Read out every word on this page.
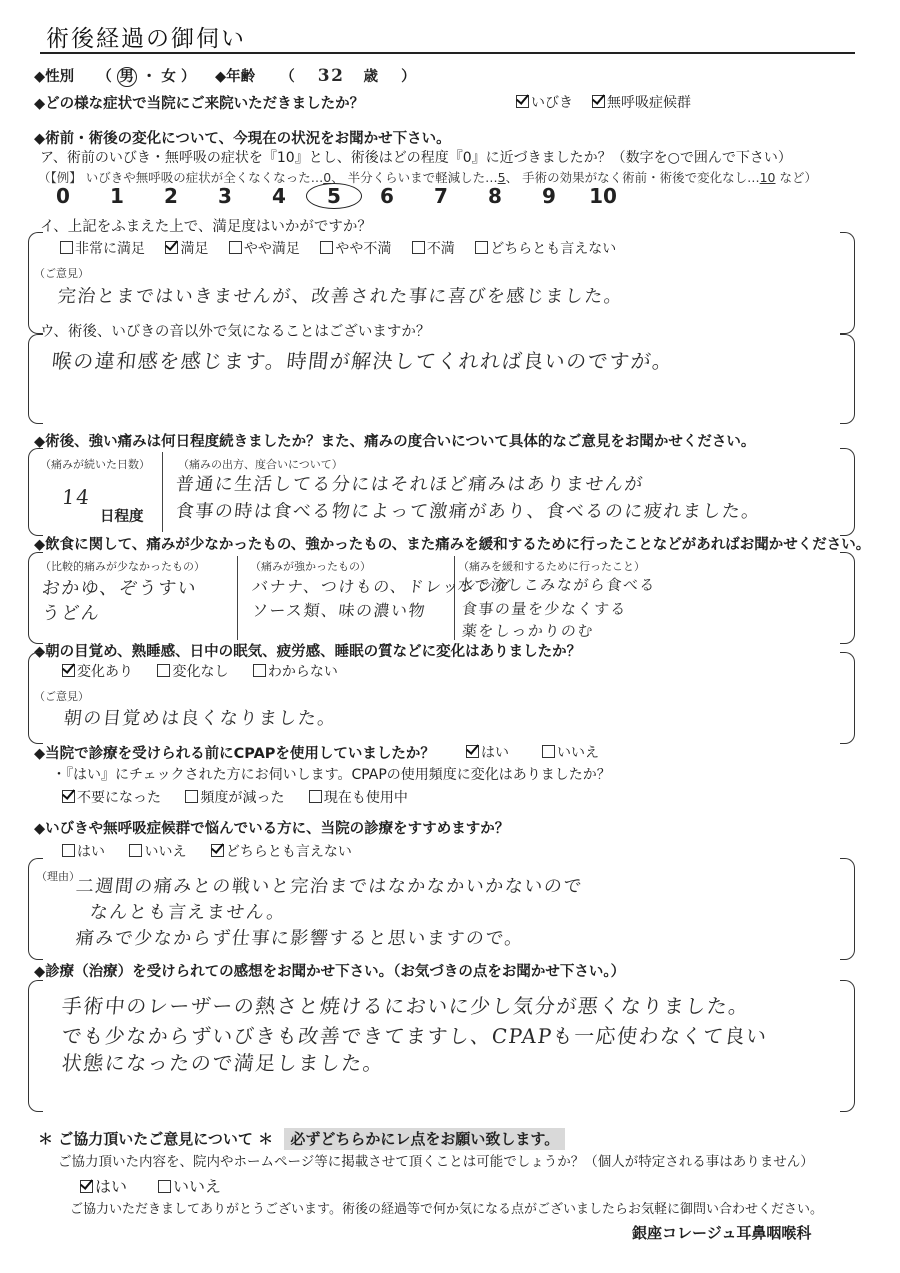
術後経過の御伺い
◆性別 （ 男 ・ 女 ） ◆年齢 （ 32 歳 ）
◆どの様な症状で当院にご来院いただきましたか？	いびき	無呼吸症候群
◆術前・術後の変化について、今現在の状況をお聞かせ下さい。
ア、術前のいびき・無呼吸の症状を『10』とし、術後はどの程度『0』に近づきましたか？（数字を○で囲んで下さい）
（【例】 いびきや無呼吸の症状が全くなくなった…0、 半分くらいまで軽減した…5、 手術の効果がなく術前・術後で変化なし…10 など）
0 1 2 3 4 5 6 7 8 9 10
イ、上記をふまえた上で、満足度はいかがですか？
非常に満足	満足	やや満足	やや不満	不満	どちらとも言えない
（ご意見）
完治とまではいきませんが、改善された事に喜びを感じました。
ウ、術後、いびきの音以外で気になることはございますか？
喉の違和感を感じます。時間が解決してくれれば良いのですが。
◆術後、強い痛みは何日程度続きましたか？また、痛みの度合いについて具体的なご意見をお聞かせください。
（痛みが続いた日数）
14
日程度
（痛みの出方、度合いについて）
普通に生活してる分にはそれほど痛みはありませんが
食事の時は食べる物によって激痛があり、食べるのに疲れました。
◆飲食に関して、痛みが少なかったもの、強かったもの、また痛みを緩和するために行ったことなどがあればお聞かせください。
（比較的痛みが少なかったもの）
おかゆ、ぞうすい
うどん
（痛みが強かったもの）
バナナ、つけもの、ドレッシング
ソース類、味の濃い物
（痛みを緩和するために行ったこと）
水で流しこみながら食べる
食事の量を少なくする
薬をしっかりのむ
◆朝の目覚め、熟睡感、日中の眠気、疲労感、睡眠の質などに変化はありましたか？
変化あり	変化なし	わからない
（ご意見）
朝の目覚めは良くなりました。
◆当院で診療を受けられる前にCPAPを使用していましたか？	はい	いいえ
・『はい』にチェックされた方にお伺いします。CPAPの使用頻度に変化はありましたか？
不要になった	頻度が減った	現在も使用中
◆いびきや無呼吸症候群で悩んでいる方に、当院の診療をすすめますか？
はい	いいえ	どちらとも言えない
（理由）
二週間の痛みとの戦いと完治まではなかなかいかないので
なんとも言えません。
痛みで少なからず仕事に影響すると思いますので。
◆診療（治療）を受けられての感想をお聞かせ下さい。（お気づきの点をお聞かせ下さい。）
手術中のレーザーの熱さと焼けるにおいに少し気分が悪くなりました。
でも少なからずいびきも改善できてますし、CPAPも一応使わなくて良い
状態になったので満足しました。
＊ ご協力頂いたご意見について ＊ 必ずどちらかにレ点をお願い致します。
ご協力頂いた内容を、院内やホームページ等に掲載させて頂くことは可能でしょうか？（個人が特定される事はありません）
はい	いいえ
ご協力いただきましてありがとうございます。術後の経過等で何か気になる点がございましたらお気軽に御問い合わせください。
銀座コレージュ耳鼻咽喉科
